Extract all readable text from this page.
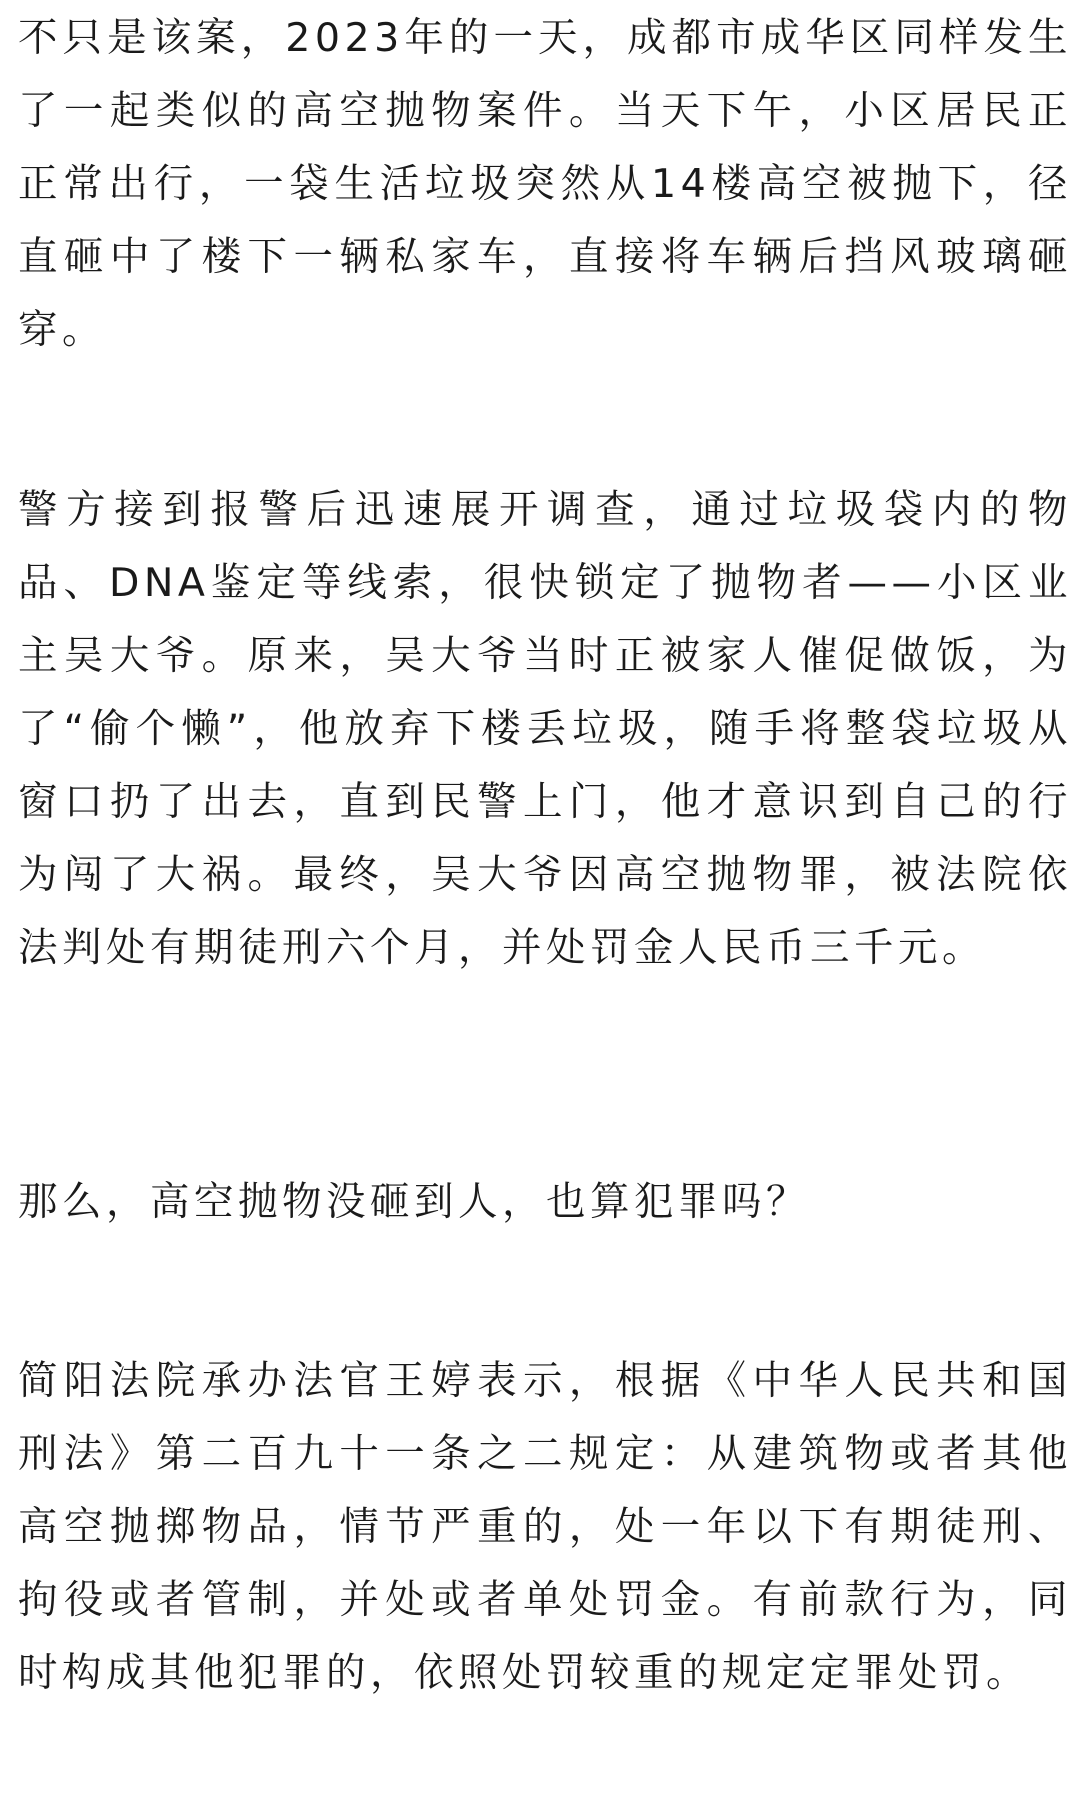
不只是该案，2023年的一天，成都市成华区同样发生了一起类似的高空抛物案件。当天下午，小区居民正正常出行，一袋生活垃圾突然从14楼高空被抛下，径直砸中了楼下一辆私家车，直接将车辆后挡风玻璃砸穿。

警方接到报警后迅速展开调查，通过垃圾袋内的物品、DNA鉴定等线索，很快锁定了抛物者——小区业主吴大爷。原来，吴大爷当时正被家人催促做饭，为了“偷个懒”，他放弃下楼丢垃圾，随手将整袋垃圾从窗口扔了出去，直到民警上门，他才意识到自己的行为闯了大祸。最终，吴大爷因高空抛物罪，被法院依法判处有期徒刑六个月，并处罚金人民币三千元。

那么，高空抛物没砸到人，也算犯罪吗？

简阳法院承办法官王婷表示，根据《中华人民共和国刑法》第二百九十一条之二规定：从建筑物或者其他高空抛掷物品，情节严重的，处一年以下有期徒刑、拘役或者管制，并处或者单处罚金。有前款行为，同时构成其他犯罪的，依照处罚较重的规定定罪处罚。
